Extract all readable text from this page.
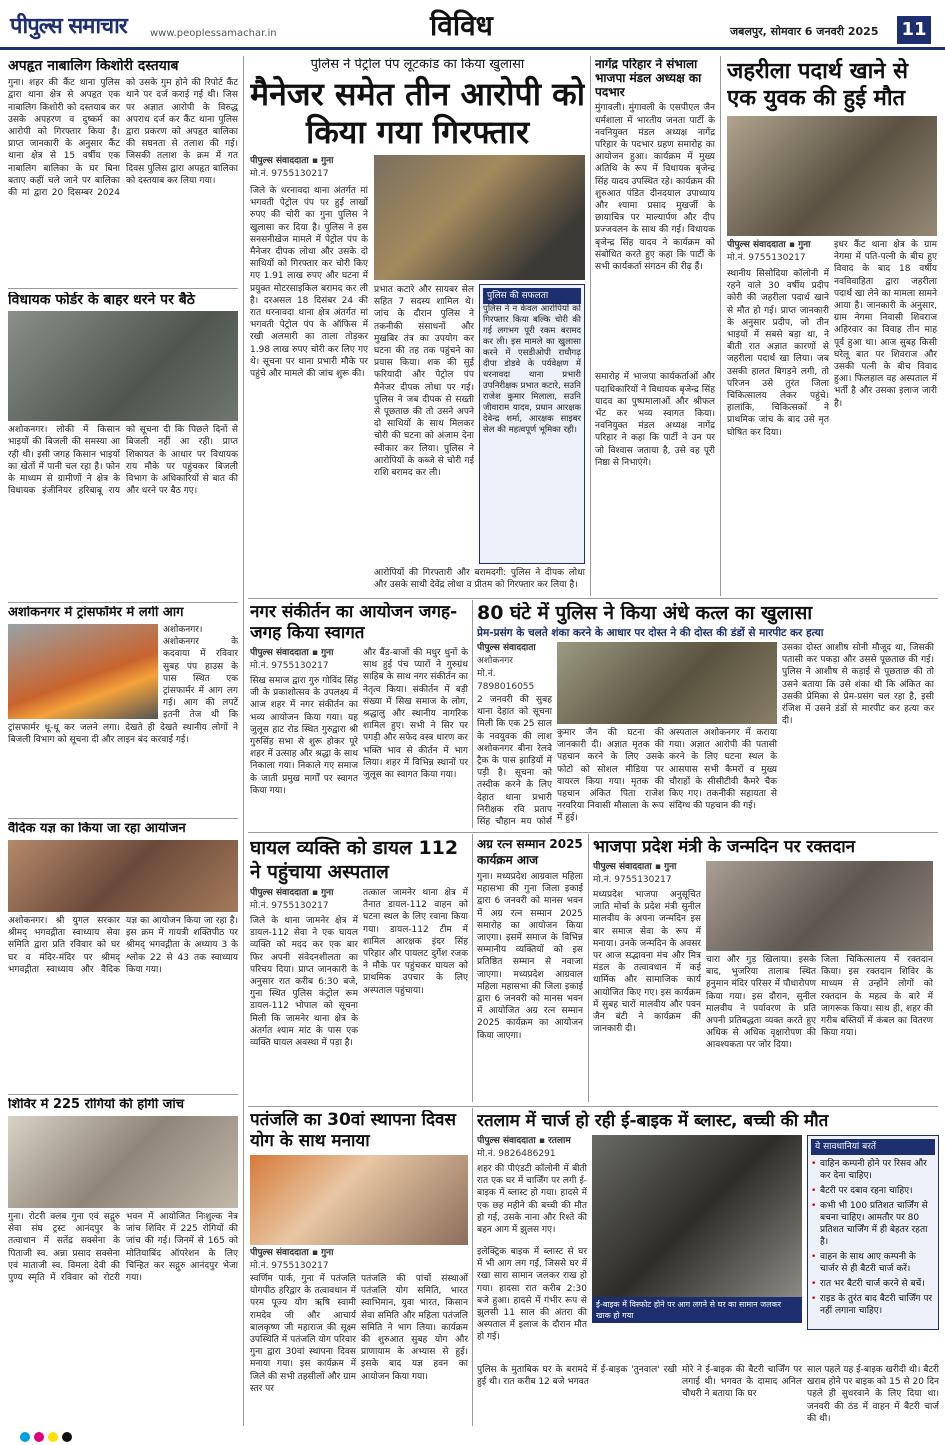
पीपुल्स समाचार www.peoplessamachar.in	विविध	जबलपुर, सोमवार 6 जनवरी 2025 11
अपहृत नाबालिग किशोरी दस्तयाब
गुना। शहर की कैंट थाना पुलिस द्वारा थाना क्षेत्र से अपहृत एक नाबालिग किशोरी को दस्तयाब कर उसके अपहरण व दुष्कर्म का आरोपी को गिरफ्तार किया है। प्राप्त जानकारी के अनुसार कैंट थाना क्षेत्र से 15 वर्षीय एक नाबालिग बालिका के घर बिना बताए कहीं चले जाने पर बालिका की मां द्वारा 20 दिसम्बर 2024 को उसके गुम होने की रिपोर्ट कैंट थाने पर दर्ज कराई गई थी। जिस पर अज्ञात आरोपी के विरुद्ध अपराध दर्ज कर कैंट थाना पुलिस द्वारा प्रकरण को अपहृत बालिका की सघनता से तलाश की गई। जिसकी तलाश के क्रम में गत दिवस पुलिस द्वारा अपहृत बालिका को दस्तयाब कर लिया गया।
विधायक फोर्डर के बाहर धरने पर बैठे
अशोकनगर। लोकी में किसान भाइयों की बिजली की समस्या आ रही थी। इसी जगह किसान भाइयों का खेतों में पानी चल रहा है। फोन के माध्यम से ग्रामीणों ने क्षेत्र के विधायक इंजीनियर हरिबाबू राय को सूचना दी कि पिछले दिनों से बिजली नहीं आ रही। प्राप्त शिकायत के आधार पर विधायक राय मौके पर पहुंचकर बिजली विभाग के अधिकारियों से बात की और धरने पर बैठ गए।
अशोकनगर में ट्रांसफॉर्मर में लगी आग
अशोकनगर। अशोकनगर के कदवाया में रविवार सुबह पंप हाउस के पास स्थित एक ट्रांसफार्मर में आग लग गई। आग की लपटें इतनी तेज थी कि ट्रांसफार्मर धू-धू कर जलने लगा। देखते ही देखते स्थानीय लोगों ने बिजली विभाग को सूचना दी और लाइन बंद करवाई गई।
वैदिक यज्ञ का किया जा रहा आयोजन
अशोकनगर। श्री युगल सरकार श्रीमद् भगवद्गीता स्वाध्याय सेवा समिति द्वारा प्रति रविवार को घर घर व मंदिर-मंदिर पर श्रीमद् भगवद्गीता स्वाध्याय और वैदिक यज्ञ का आयोजन किया जा रहा है। इस क्रम में गायत्री शक्तिपीठ पर श्रीमद् भगवद्गीता के अध्याय 3 के श्लोक 22 से 43 तक स्वाध्याय किया गया।
शिविर में 225 रोगियों की होगी जांच
गुना। रोटरी क्लब गुना एवं सद्गुरु सेवा संघ ट्रस्ट आनंदपुर के तत्वाधान में सतेंद्र सक्सेना के पिताजी स्व. अन्ना प्रसाद सक्सेना एवं माताजी स्व. विमला देवी की पुण्य स्मृति में रविवार को रोटरी भवन में आयोजित निःशुल्क नेत्र जांच शिविर में 225 रोगियों की जांच की गई। जिनमें से 165 को मोतियाबिंद ऑपरेशन के लिए चिन्हित कर सद्गुरु आनंदपुर भेजा गया।
पुलिस ने पेट्रोल पंप लूटकांड का किया खुलासा
मैनेजर समेत तीन आरोपी को किया गया गिरफ्तार
पीपुल्स संवाददाता ▪ गुना
मो.नं. 9755130217
जिले के धरनावदा थाना अंतर्गत मां भगवती पेट्रोल पंप पर हुई लाखों रुपए की चोरी का गुना पुलिस ने खुलासा कर दिया है। पुलिस ने इस सनसनीखेज मामले में पेट्रोल पंप के मैनेजर दीपक लोधा और उसके दो साथियों को गिरफ्तार कर चोरी किए गए 1.91 लाख रुपए और घटना में प्रयुक्त मोटरसाइकिल बरामद कर ली है। दरअसल 18 दिसंबर 24 की रात धरनावदा थाना क्षेत्र अंतर्गत मां भगवती पेट्रोल पंप के ऑफिस में रखी अलमारी का ताला तोड़कर 1.98 लाख रुपए चोरी कर लिए गए थे। सूचना पर थाना प्रभारी मौके पर पहुंचे और मामले की जांच शुरू की।
प्रभात कटारे और सायबर सेल सहित 7 सदस्य शामिल थे। जांच के दौरान पुलिस ने तकनीकी संसाधनों और मुखबिर तंत्र का उपयोग कर घटना की तह तक पहुंचने का प्रयास किया। शक की सुई फरियादी और पेट्रोल पंप मैनेजर दीपक लोधा पर गई। पुलिस ने जब दीपक से सख्ती से पूछताछ की तो उसने अपने दो साथियों के साथ मिलकर चोरी की घटना को अंजाम देना स्वीकार कर लिया। पुलिस ने आरोपियों के कब्जे से चोरी गई राशि बरामद कर ली।
पुलिस की सफलता
पुलिस ने न केवल आरोपियों को गिरफ्तार किया बल्कि चोरी की गई लगभग पूरी रकम बरामद कर ली। इस मामले का खुलासा करने में एसडीओपी राघौगढ़ दीपा डोडवे के पर्यवेक्षण में धरनावदा थाना प्रभारी उपनिरीक्षक प्रभात कटारे, सउनि राजेश कुमार मिलाला, सउनि जीवाराम यादव, प्रधान आरक्षक देवेन्द्र शर्मा, आरक्षक साइबर सेल की महत्वपूर्ण भूमिका रही।
आरोपियों की गिरफ्तारी और बरामदगी: पुलिस ने दीपक लोधा और उसके साथी देवेंद्र लोधा व प्रीतम को गिरफ्तार कर लिया है।
नागेंद्र परिहार ने संभाला भाजपा मंडल अध्यक्ष का पदभार
मुंगावली। मुंगावली के एसपीएल जैन धर्मशाला में भारतीय जनता पार्टी के नवनियुक्त मंडल अध्यक्ष नागेंद्र परिहार के पदभार ग्रहण समारोह का आयोजन हुआ। कार्यक्रम में मुख्य अतिथि के रूप में विधायक बृजेन्द्र सिंह यादव उपस्थित रहे। कार्यक्रम की शुरुआत पंडित दीनदयाल उपाध्याय और श्यामा प्रसाद मुखर्जी के छायाचित्र पर माल्यार्पण और दीप प्रज्जवलन के साथ की गई। विधायक बृजेन्द्र सिंह यादव ने कार्यक्रम को संबोधित करते हुए कहा कि पार्टी के सभी कार्यकर्ता संगठन की रीढ़ हैं।
समारोह में भाजपा कार्यकर्ताओं और पदाधिकारियों ने विधायक बृजेन्द्र सिंह यादव का पुष्पमालाओं और श्रीफल भेंट कर भव्य स्वागत किया। नवनियुक्त मंडल अध्यक्ष नागेंद्र परिहार ने कहा कि पार्टी ने उन पर जो विश्वास जताया है, उसे वह पूरी निष्ठा से निभाएंगे।
जहरीला पदार्थ खाने से एक युवक की हुई मौत
पीपुल्स संवाददाता ▪ गुना
मो.नं. 9755130217
स्थानीय सिसोदिया कॉलोनी में रहने वाले 30 वर्षीय प्रदीप कोरी की जहरीला पदार्थ खाने से मौत हो गई। प्राप्त जानकारी के अनुसार प्रदीप, जो तीन भाइयों में सबसे बड़ा था, ने बीती रात अज्ञात कारणों से जहरीला पदार्थ खा लिया। जब उसकी हालत बिगड़ने लगी, तो परिजन उसे तुरंत जिला चिकित्सालय लेकर पहुंचे। हालांकि, चिकित्सकों ने प्राथमिक जांच के बाद उसे मृत घोषित कर दिया।
इधर कैंट थाना क्षेत्र के ग्राम नेगमा में पति-पत्नी के बीच हुए विवाद के बाद 18 वर्षीय नवविवाहिता द्वारा जहरीला पदार्थ खा लेने का मामला सामने आया है। जानकारी के अनुसार, ग्राम नेगमा निवासी शिवराज अहिरवार का विवाह तीन माह पूर्व हुआ था। आज सुबह किसी घरेलू बात पर शिवराज और उसकी पत्नी के बीच विवाद हुआ। फिलहाल वह अस्पताल में भर्ती है और उसका इलाज जारी है।
नगर संकीर्तन का आयोजन जगह-जगह किया स्वागत
पीपुल्स संवाददाता ▪ गुना
मो.नं. 9755130217
सिख समाज द्वारा गुरु गोविंद सिंह जी के प्रकाशोत्सव के उपलक्ष्य में आज शहर में नगर संकीर्तन का भव्य आयोजन किया गया। यह जुलूस हाट रोड स्थित गुरुद्वारा श्री गुरुसिंह सभा से शुरू होकर पूरे शहर में उत्साह और श्रद्धा के साथ निकाला गया। निकाले गए समाज के जाती प्रमुख मार्गों पर स्वागत किया गया।
और बैंड-बाजों की मधुर धुनों के साथ हुई पंच प्यारों ने गुरुग्रंथ साहिब के साथ नगर संकीर्तन का नेतृत्व किया। संकीर्तन में बड़ी संख्या में सिख समाज के लोग, श्रद्धालु और स्थानीय नागरिक शामिल हुए। सभी ने सिर पर पगड़ी और सफेद वस्त्र धारण कर भक्ति भाव से कीर्तन में भाग लिया। शहर में विभिन्न स्थानों पर जुलूस का स्वागत किया गया।
80 घंटे में पुलिस ने किया अंधे कत्ल का खुलासा
प्रेम-प्रसंग के चलते शंका करने के आधार पर दोस्त ने की दोस्त की डंडों से मारपीट कर हत्या
पीपुल्स संवाददाता
अशोकनगर
मो.नं. 7898016055
2 जनवरी की सुबह थाना देहात को सूचना मिली कि एक 25 साल के नवयुवक की लाश अशोकनगर बीना रेलवे ट्रैक के पास झाड़ियों में पड़ी है। सूचना को तस्दीक करने के लिए देहात थाना प्रभारी निरीक्षक रवि प्रताप सिंह चौहान मय फोर्स
कुमार जैन की घटना की जानकारी दी। अज्ञात मृतक की पहचान करने के लिए उसके फोटो को सोशल मीडिया पर वायरल किया गया। मृतक की पहचान अंकित पिता राजेश नरवरिया निवासी मौसाला के रूप में हुई।
अस्पताल अशोकनगर में कराया गया। अज्ञात आरोपी की पतासी करने के लिए घटना स्थल के आसपास सभी कैमरों व मुख्य चौराहों के सीसीटीवी कैमरे चैक किए गए। तकनीकी सहायता से संदिग्ध की पहचान की गई।
उसका दोस्त आशीष सोनी मौजूद था, जिसकी पतासी कर पकड़ा और उससे पूछताछ की गई। पुलिस ने आशीष से कड़ाई से पूछताछ की तो उसने बताया कि उसे शंका थी कि अंकित का उसकी प्रेमिका से प्रेम-प्रसंग चल रहा है, इसी रंजिश में उसने डंडों से मारपीट कर हत्या कर दी।
घायल व्यक्ति को डायल 112 ने पहुंचाया अस्पताल
पीपुल्स संवाददाता ▪ गुना
मो.नं. 9755130217
जिले के थाना जामनेर क्षेत्र में डायल-112 सेवा ने एक घायल व्यक्ति को मदद कर एक बार फिर अपनी संवेदनशीलता का परिचय दिया। प्राप्त जानकारी के अनुसार रात करीब 6:30 बजे, गुना स्थित पुलिस कंट्रोल रूम डायल-112 भोपाल को सूचना मिली कि जामनेर थाना क्षेत्र के अंतर्गत श्याम मांट के पास एक व्यक्ति घायल अवस्था में पड़ा है।
तत्काल जामनेर थाना क्षेत्र में तैनात डायल-112 वाहन को घटना स्थल के लिए रवाना किया गया। डायल-112 टीम में शामिल आरक्षक इंदर सिंह परिहार और पायलट दुर्गेश रजक ने मौके पर पहुंचकर घायल को प्राथमिक उपचार के लिए अस्पताल पहुंचाया।
अग्र रत्न सम्मान 2025 कार्यक्रम आज
गुना। मध्यप्रदेश आग्रवाल महिला महासभा की गुना जिला इकाई द्वारा 6 जनवरी को मानस भवन में अग्र रत्न सम्मान 2025 समारोह का आयोजन किया जाएगा। इसमें समाज के विभिन्न सम्मानीय व्यक्तियों को इस प्रतिष्ठित सम्मान से नवाजा जाएगा। मध्यप्रदेश आग्रवाल महिला महासभा की जिला इकाई द्वारा 6 जनवरी को मानस भवन में आयोजित अग्र रत्न सम्मान 2025 कार्यक्रम का आयोजन किया जाएगा।
भाजपा प्रदेश मंत्री के जन्मदिन पर रक्तदान
पीपुल्स संवाददाता ▪ गुना
मो.नं. 9755130217
मध्यप्रदेश भाजपा अनुसूचित जाति मोर्चा के प्रदेश मंत्री सुनील मालवीय के अपना जन्मदिन इस बार समाज सेवा के रूप में मनाया। उनके जन्मदिन के अवसर पर आज सद्भावना मंच और मित्र मंडल के तत्वावधान में कई धार्मिक और सामाजिक कार्य आयोजित किए गए। इस कार्यक्रम में सुबह चारों मालवीय और पवन जैन बंटी ने कार्यक्रम की जानकारी दी।
चारा और गुड़ खिलाया। इसके बाद, भुजरिया तालाब स्थित हनुमान मंदिर परिसर में पौधारोपण किया गया। इस दौरान, सुनील मालवीय ने पर्यावरण के प्रति अपनी प्रतिबद्धता व्यक्त करते हुए अधिक से अधिक वृक्षारोपण की आवश्यकता पर जोर दिया।
जिला चिकित्सालय में रक्तदान किया। इस रक्तदान शिविर के माध्यम से उन्होंने लोगों को रक्तदान के महत्व के बारे में जागरूक किया। साथ ही, शहर की गरीब बस्तियों में कंबल का वितरण किया गया।
पतंजलि का 30वां स्थापना दिवस योग के साथ मनाया
पीपुल्स संवाददाता ▪ गुना
मो.नं. 9755130217
स्वर्णिम पार्क, गुना में पतंजलि योगपीठ हरिद्वार के तत्वावधान में परम पूज्य योग ऋषि स्वामी रामदेव जी और आचार्य बालकृष्ण जी महाराज की सूक्ष्म उपस्थिति में पतंजलि योग परिवार गुना द्वारा 30वां स्थापना दिवस मनाया गया। इस कार्यक्रम में जिले की सभी तहसीलों और ग्राम स्तर पर
पतंजलि की पांचों संस्थाओं पतंजलि योग समिति, भारत स्वाभिमान, युवा भारत, किसान सेवा समिति और महिला पतंजलि समिति ने भाग लिया। कार्यक्रम की शुरुआत सुबह योग और प्राणायाम के अभ्यास से हुई। इसके बाद यज्ञ हवन का आयोजन किया गया।
रतलाम में चार्ज हो रही ई-बाइक में ब्लास्ट, बच्ची की मौत
पीपुल्स संवाददाता ▪ रतलाम
मो.नं. 9826486291
शहर की पीएंडटी कॉलोनी में बीती रात एक घर में चार्जिंग पर लगी ई-बाइक में ब्लास्ट हो गया। हादसे में एक छह महीने की बच्ची की मौत हो गई, उसके नाना और रिश्ते की बहन आग में झुलस गए।
इलेक्ट्रिक बाइक में ब्लास्ट से घर में भी आग लग गई, जिससे घर में रखा सारा सामान जलकर राख हो गया। हादसा रात करीब 2:30 बजे हुआ। हादसे में गंभीर रूप से झुलसी 11 साल की अंतरा की अस्पताल में इलाज के दौरान मौत हो गई।
ई-बाइक में विस्फोट होने पर आग लगने से घर का सामान जलकर खाक हो गया
ये सावधानियां बरतें
• वाहिन कम्पनी होने पर रिसव और कर देना चाहिए।
• बैटरी पर दबाव रहना चाहिए।
• कभी भी 100 प्रतिशत चार्जिंग से बचना चाहिए। आमतौर पर 80 प्रतिशत चार्जिंग में ही बेहतर रहता है।
• वाहन के साथ आए कम्पनी के चार्जर से ही बैटरी चार्ज करें।
• रात भर बैटरी चार्ज करने से बचें।
• राइड के तुरंत बाद बैटरी चार्जिंग पर नहीं लगाना चाहिए।
पुलिस के मुताबिक घर के बरामदे में ई-बाइक 'तुनवाल' रखी हुई थी। रात करीब 12 बजे भगवत
मोरे ने ई-बाइक की बैटरी चार्जिंग पर लगाई थी। भगवत के दामाद अनिल चौधरी ने बताया कि घर
साल पहले यह ई-बाइक खरीदी थी। बैटरी खराब होने पर बाइक को 15 से 20 दिन पहले ही सुधरवाने के लिए दिया था। जनवरी की ठंड में वाहन में बैटरी चार्ज की थी।
